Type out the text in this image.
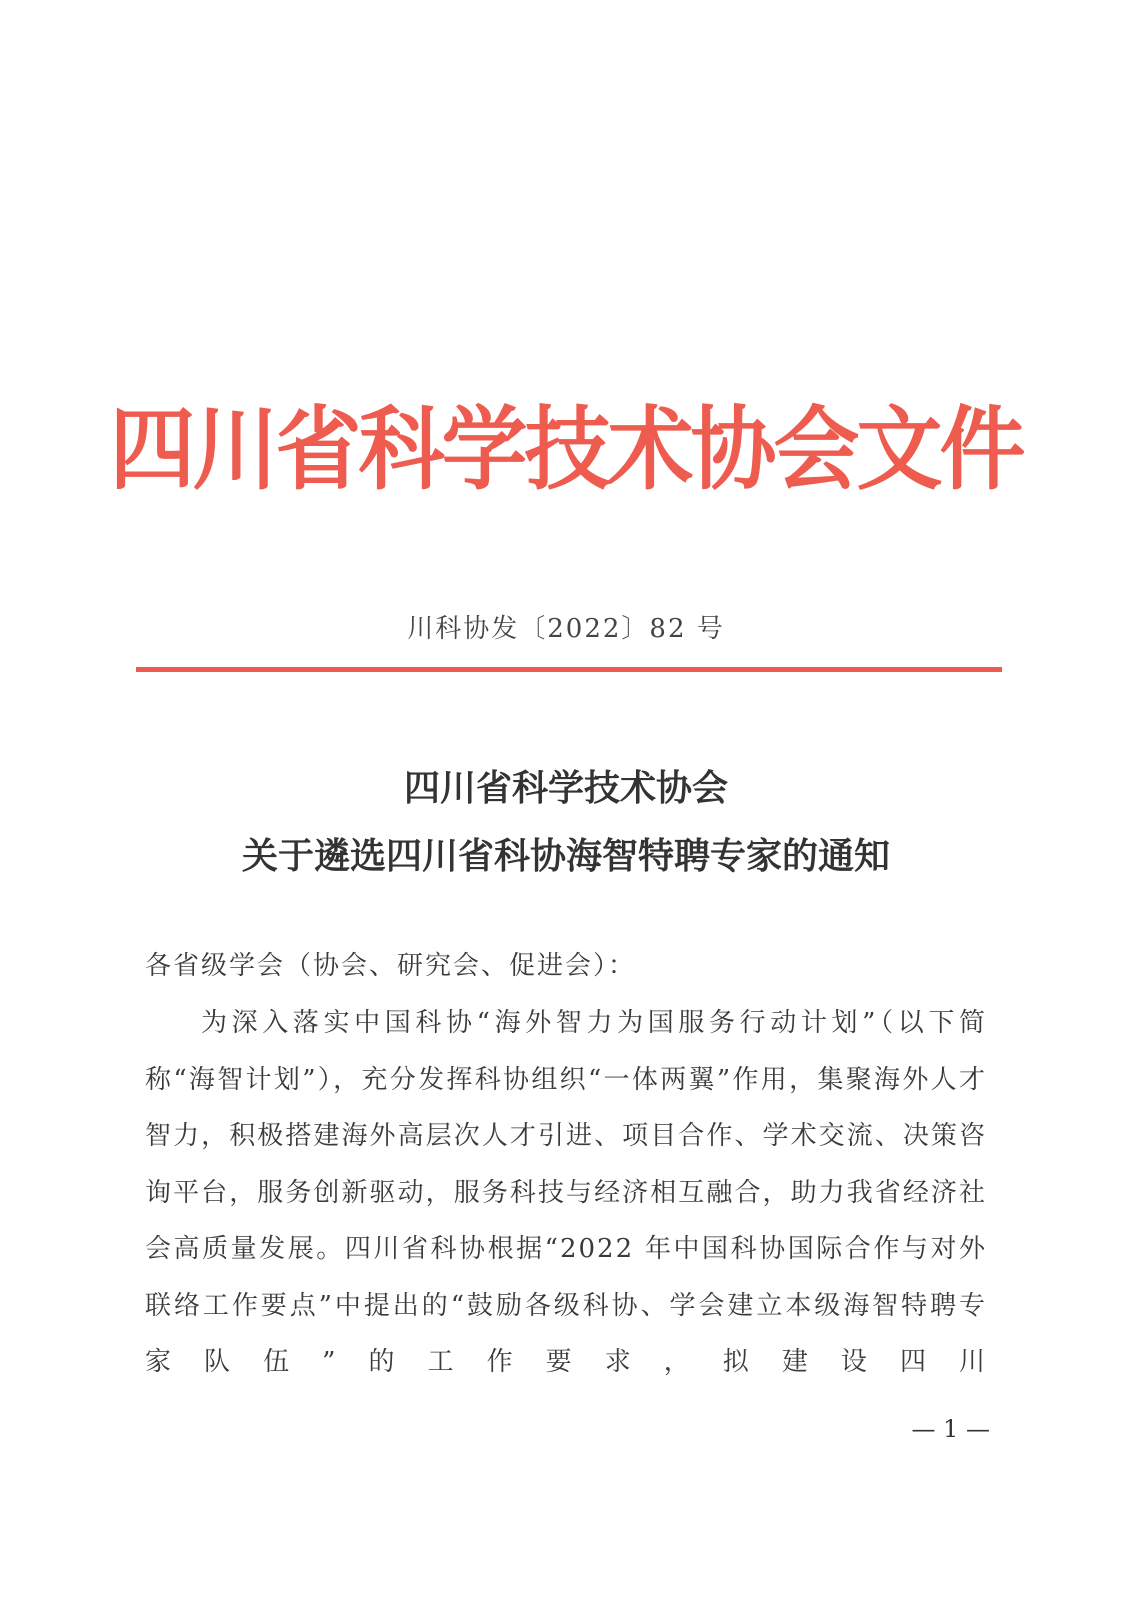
四川省科学技术协会文件
川科协发〔2022〕82 号
四川省科学技术协会
关于遴选四川省科协海智特聘专家的通知
各省级学会（协会、研究会、促进会）：
为深入落实中国科协“海外智力为国服务行动计划”（以下简称“海智计划”），充分发挥科协组织“一体两翼”作用，集聚海外人才智力，积极搭建海外高层次人才引进、项目合作、学术交流、决策咨询平台，服务创新驱动，服务科技与经济相互融合，助力我省经济社会高质量发展。四川省科协根据“2022 年中国科协国际合作与对外联络工作要点”中提出的“鼓励各级科协、学会建立本级海智特聘专家队伍”的工作要求，拟建设四川
— 1 —
